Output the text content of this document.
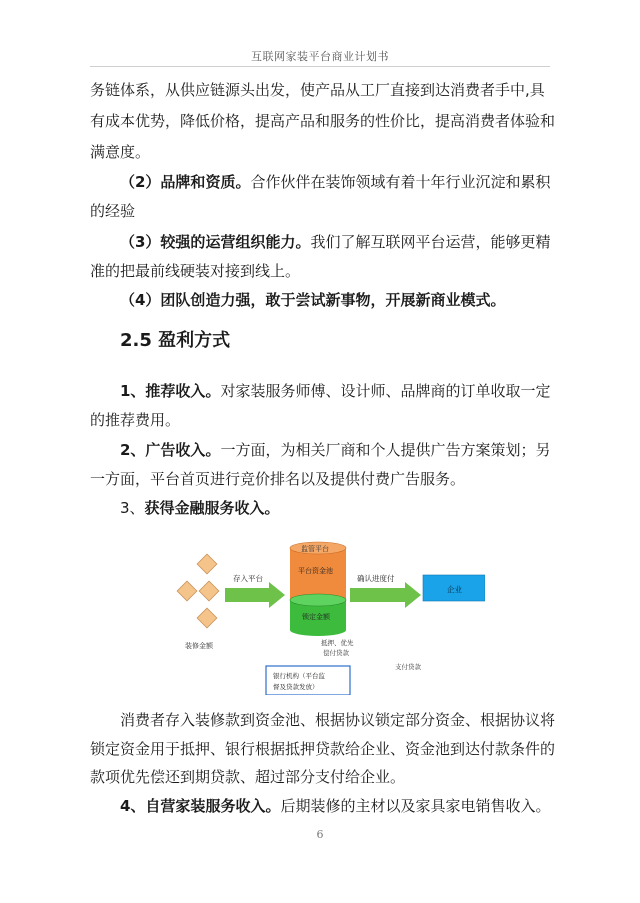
互联网家装平台商业计划书
务链体系，从供应链源头出发，使产品从工厂直接到达消费者手中,具
有成本优势，降低价格，提高产品和服务的性价比，提高消费者体验和
满意度。
（2）品牌和资质。合作伙伴在装饰领域有着十年行业沉淀和累积
的经验
（3）较强的运营组织能力。我们了解互联网平台运营，能够更精
准的把最前线硬装对接到线上。
（4）团队创造力强，敢于尝试新事物，开展新商业模式。
2.5 盈利方式
1、推荐收入。对家装服务师傅、设计师、品牌商的订单收取一定
的推荐费用。
2、广告收入。一方面，为相关厂商和个人提供广告方案策划；另
一方面，平台首页进行竞价排名以及提供付费广告服务。
3、获得金融服务收入。
装修金额
存入平台
监管平台
平台资金池
锁定金额
确认进度付
企业
抵押、优先
偿付贷款
支付贷款
银行机构（平台监
督及贷款发放）
消费者存入装修款到资金池、根据协议锁定部分资金、根据协议将
锁定资金用于抵押、银行根据抵押贷款给企业、资金池到达付款条件的
款项优先偿还到期贷款、超过部分支付给企业。
4、自营家装服务收入。后期装修的主材以及家具家电销售收入。
6
